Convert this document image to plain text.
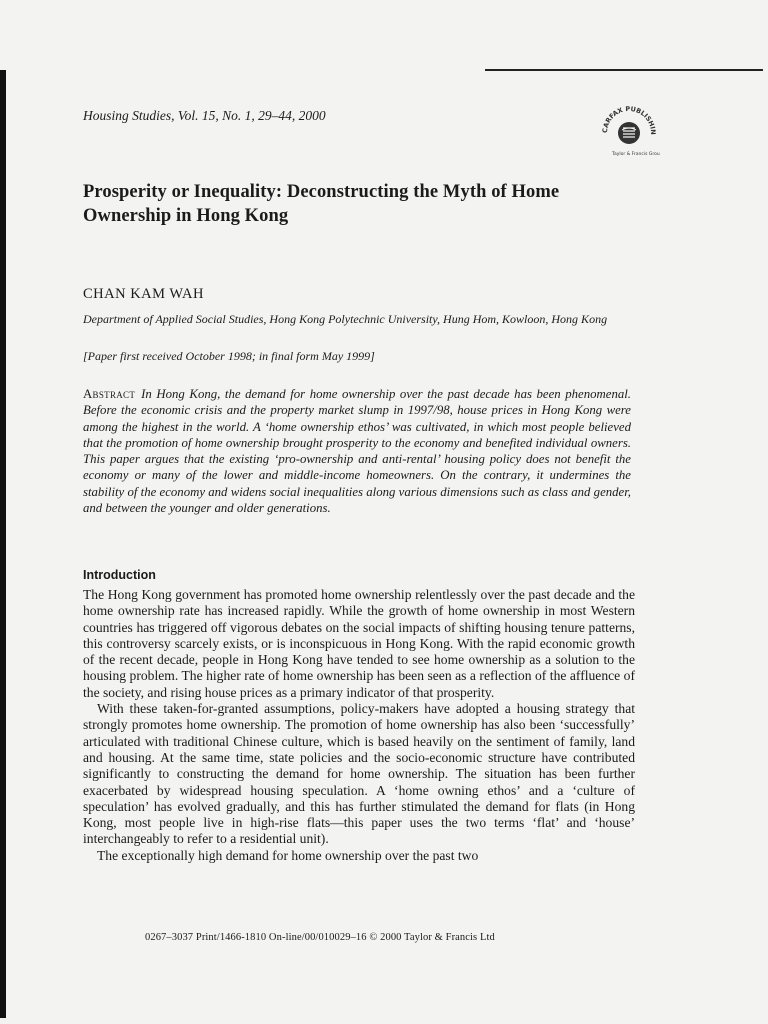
Housing Studies, Vol. 15, No. 1, 29–44, 2000
CARFAX PUBLISHIN
Taylor & Francis Group
Prosperity or Inequality: Deconstructing the Myth of Home Ownership in Hong Kong
CHAN KAM WAH
Department of Applied Social Studies, Hong Kong Polytechnic University, Hung Hom, Kowloon, Hong Kong
[Paper first received October 1998; in final form May 1999]
Abstract In Hong Kong, the demand for home ownership over the past decade has been phenomenal. Before the economic crisis and the property market slump in 1997/98, house prices in Hong Kong were among the highest in the world. A ‘home ownership ethos’ was cultivated, in which most people believed that the promotion of home ownership brought prosperity to the economy and benefited individual owners. This paper argues that the existing ‘pro-ownership and anti-rental’ housing policy does not benefit the economy or many of the lower and middle-income homeowners. On the contrary, it undermines the stability of the economy and widens social inequalities along various dimensions such as class and gender, and between the younger and older generations.
Introduction

The Hong Kong government has promoted home ownership relentlessly over the past decade and the home ownership rate has increased rapidly. While the growth of home ownership in most Western countries has triggered off vigorous debates on the social impacts of shifting housing tenure patterns, this controversy scarcely exists, or is inconspicuous in Hong Kong. With the rapid economic growth of the recent decade, people in Hong Kong have tended to see home ownership as a solution to the housing problem. The higher rate of home ownership has been seen as a reflection of the affluence of the society, and rising house prices as a primary indicator of that prosperity.

With these taken-for-granted assumptions, policy-makers have adopted a housing strategy that strongly promotes home ownership. The promotion of home ownership has also been ‘successfully’ articulated with traditional Chinese culture, which is based heavily on the sentiment of family, land and housing. At the same time, state policies and the socio-economic structure have contributed significantly to constructing the demand for home ownership. The situation has been further exacerbated by widespread housing speculation. A ‘home owning ethos’ and a ‘culture of speculation’ has evolved gradually, and this has further stimulated the demand for flats (in Hong Kong, most people live in high-rise flats—this paper uses the two terms ‘flat’ and ‘house’ interchangeably to refer to a residential unit).

The exceptionally high demand for home ownership over the past two

0267–3037 Print/1466-1810 On-line/00/010029–16 © 2000 Taylor & Francis Ltd
